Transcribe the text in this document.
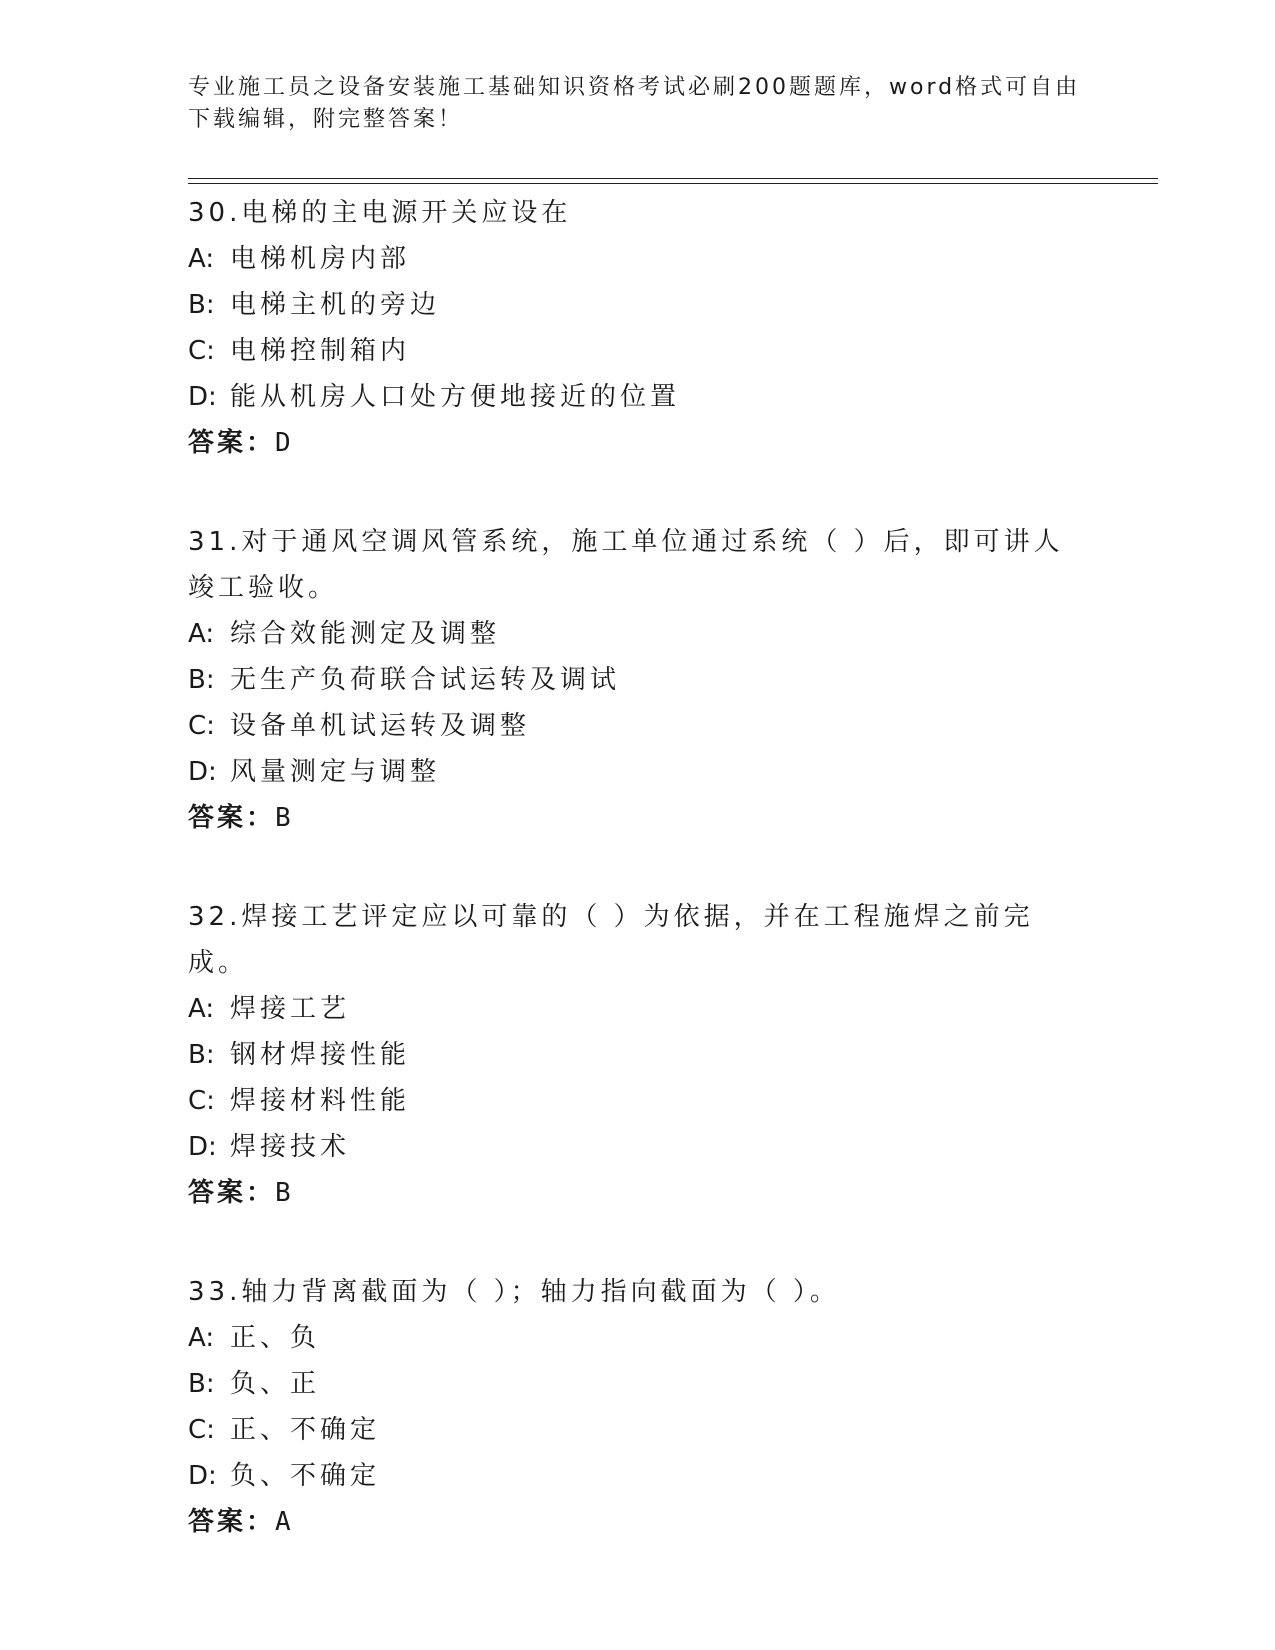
专业施工员之设备安装施工基础知识资格考试必刷200题题库，word格式可自由下载编辑，附完整答案！
30.电梯的主电源开关应设在
A: 电梯机房内部
B: 电梯主机的旁边
C: 电梯控制箱内
D: 能从机房人口处方便地接近的位置
答案：D
31.对于通风空调风管系统，施工单位通过系统（ ）后，即可讲人竣工验收。
A: 综合效能测定及调整
B: 无生产负荷联合试运转及调试
C: 设备单机试运转及调整
D: 风量测定与调整
答案：B
32.焊接工艺评定应以可靠的（ ）为依据，并在工程施焊之前完成。
A: 焊接工艺
B: 钢材焊接性能
C: 焊接材料性能
D: 焊接技术
答案：B
33.轴力背离截面为（ ）；轴力指向截面为（ ）。
A: 正、负
B: 负、正
C: 正、不确定
D: 负、不确定
答案：A
